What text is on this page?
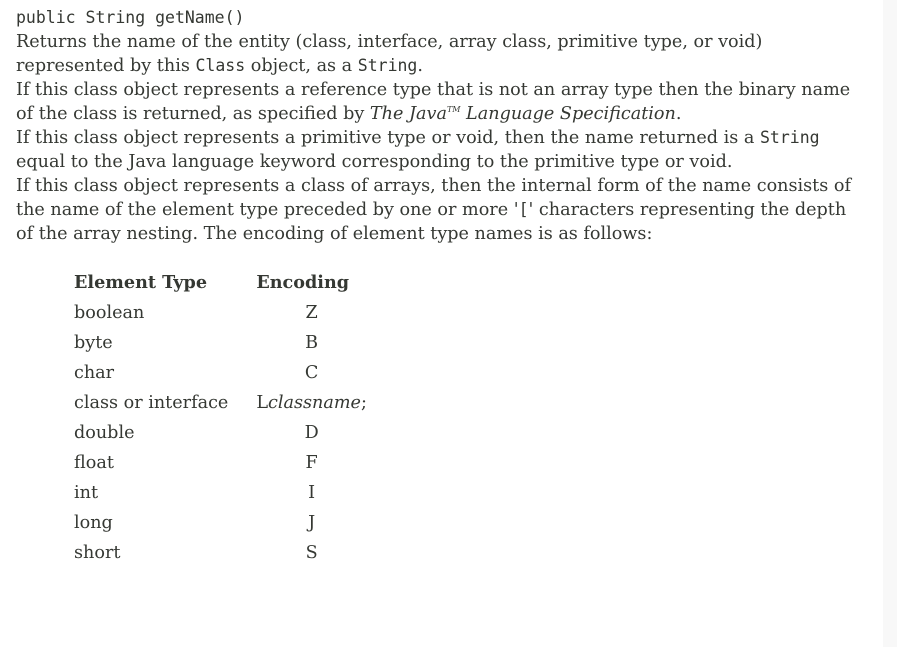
public String getName()

Returns the name of the entity (class, interface, array class, primitive type, or void) represented by this Class object, as a String.

If this class object represents a reference type that is not an array type then the binary name of the class is returned, as specified by The Java™ Language Specification.

If this class object represents a primitive type or void, then the name returned is a String equal to the Java language keyword corresponding to the primitive type or void.

If this class object represents a class of arrays, then the internal form of the name consists of the name of the element type preceded by one or more '[' characters representing the depth of the array nesting. The encoding of element type names is as follows:

Element Type	Encoding
boolean	Z
byte	B
char	C
class or interface	Lclassname;
double	D
float	F
int	I
long	J
short	S
